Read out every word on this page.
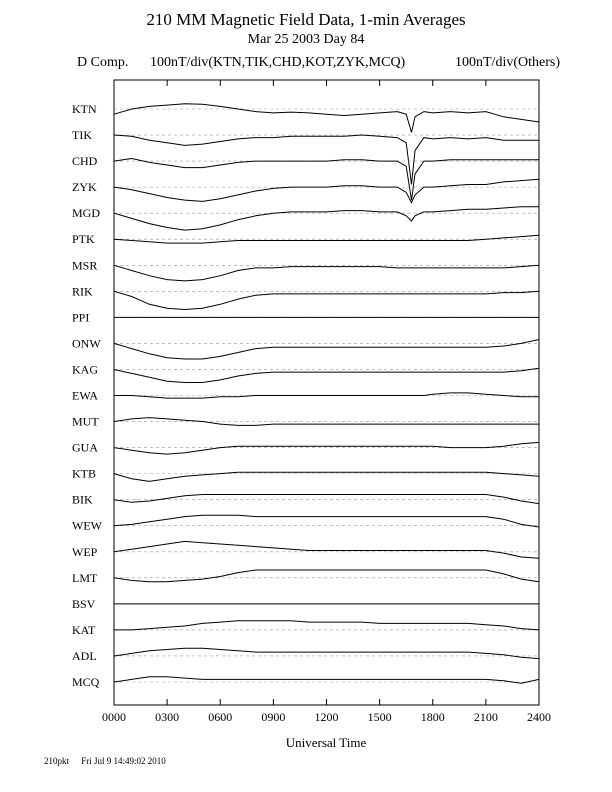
210 MM Magnetic Field Data, 1-min Averages
Mar 25 2003 Day 84
D Comp. 100nT/div(KTN,TIK,CHD,KOT,ZYK,MCQ)	100nT/div(Others)
KTN
TIK
CHD
ZYK
MGD
PTK
MSR
RIK
PPI
ONW
KAG
EWA
MUT
GUA
KTB
BIK
WEW
WEP
LMT
BSV
KAT
ADL
MCQ
0000 0300 0600 0900 1200 1500 1800 2100 2400
Universal Time
210pkt Fri Jul 9 14:49:02 2010
